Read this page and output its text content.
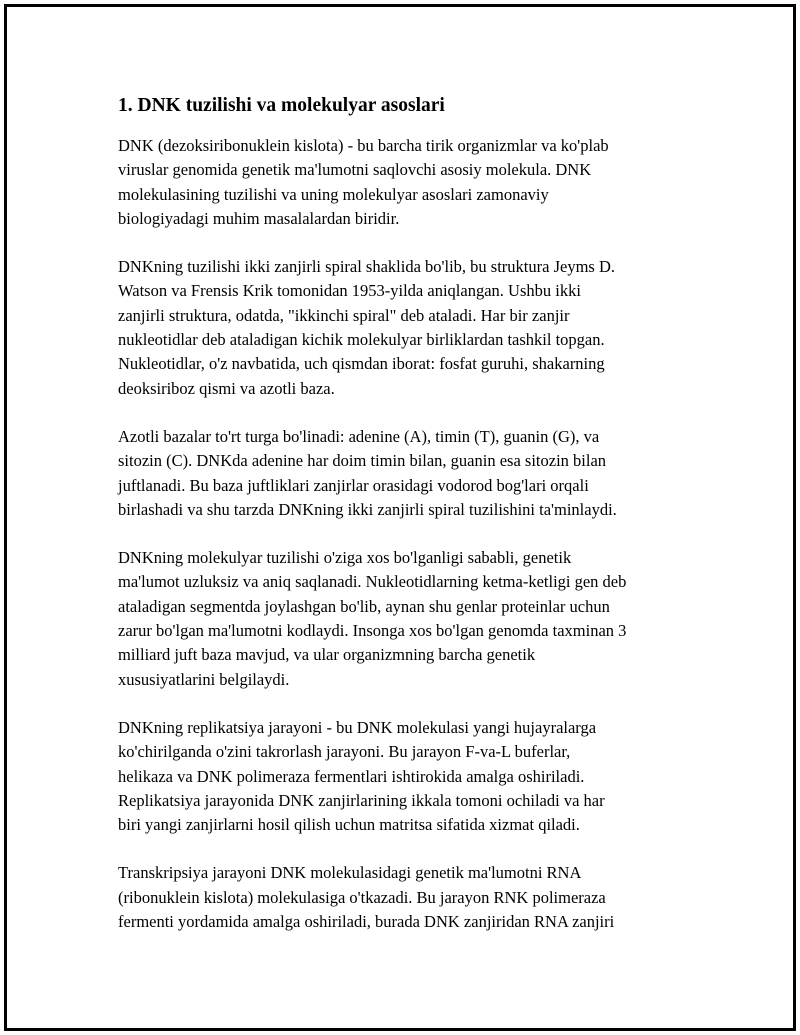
1. DNK tuzilishi va molekulyar asoslari

DNK (dezoksiribonuklein kislota) - bu barcha tirik organizmlar va ko'plab
viruslar genomida genetik ma'lumotni saqlovchi asosiy molekula. DNK
molekulasining tuzilishi va uning molekulyar asoslari zamonaviy
biologiyadagi muhim masalalardan biridir.

DNKning tuzilishi ikki zanjirli spiral shaklida bo'lib, bu struktura Jeyms D.
Watson va Frensis Krik tomonidan 1953-yilda aniqlangan. Ushbu ikki
zanjirli struktura, odatda, "ikkinchi spiral" deb ataladi. Har bir zanjir
nukleotidlar deb ataladigan kichik molekulyar birliklardan tashkil topgan.
Nukleotidlar, o'z navbatida, uch qismdan iborat: fosfat guruhi, shakarning
deoksiriboz qismi va azotli baza.

Azotli bazalar to'rt turga bo'linadi: adenine (A), timin (T), guanin (G), va
sitozin (C). DNKda adenine har doim timin bilan, guanin esa sitozin bilan
juftlanadi. Bu baza juftliklari zanjirlar orasidagi vodorod bog'lari orqali
birlashadi va shu tarzda DNKning ikki zanjirli spiral tuzilishini ta'minlaydi.

DNKning molekulyar tuzilishi o'ziga xos bo'lganligi sababli, genetik
ma'lumot uzluksiz va aniq saqlanadi. Nukleotidlarning ketma-ketligi gen deb
ataladigan segmentda joylashgan bo'lib, aynan shu genlar proteinlar uchun
zarur bo'lgan ma'lumotni kodlaydi. Insonga xos bo'lgan genomda taxminan 3
milliard juft baza mavjud, va ular organizmning barcha genetik
xususiyatlarini belgilaydi.

DNKning replikatsiya jarayoni - bu DNK molekulasi yangi hujayralarga
ko'chirilganda o'zini takrorlash jarayoni. Bu jarayon F-va-L buferlar,
helikaza va DNK polimeraza fermentlari ishtirokida amalga oshiriladi.
Replikatsiya jarayonida DNK zanjirlarining ikkala tomoni ochiladi va har
biri yangi zanjirlarni hosil qilish uchun matritsa sifatida xizmat qiladi.

Transkripsiya jarayoni DNK molekulasidagi genetik ma'lumotni RNA
(ribonuklein kislota) molekulasiga o'tkazadi. Bu jarayon RNK polimeraza
fermenti yordamida amalga oshiriladi, burada DNK zanjiridan RNA zanjiri
